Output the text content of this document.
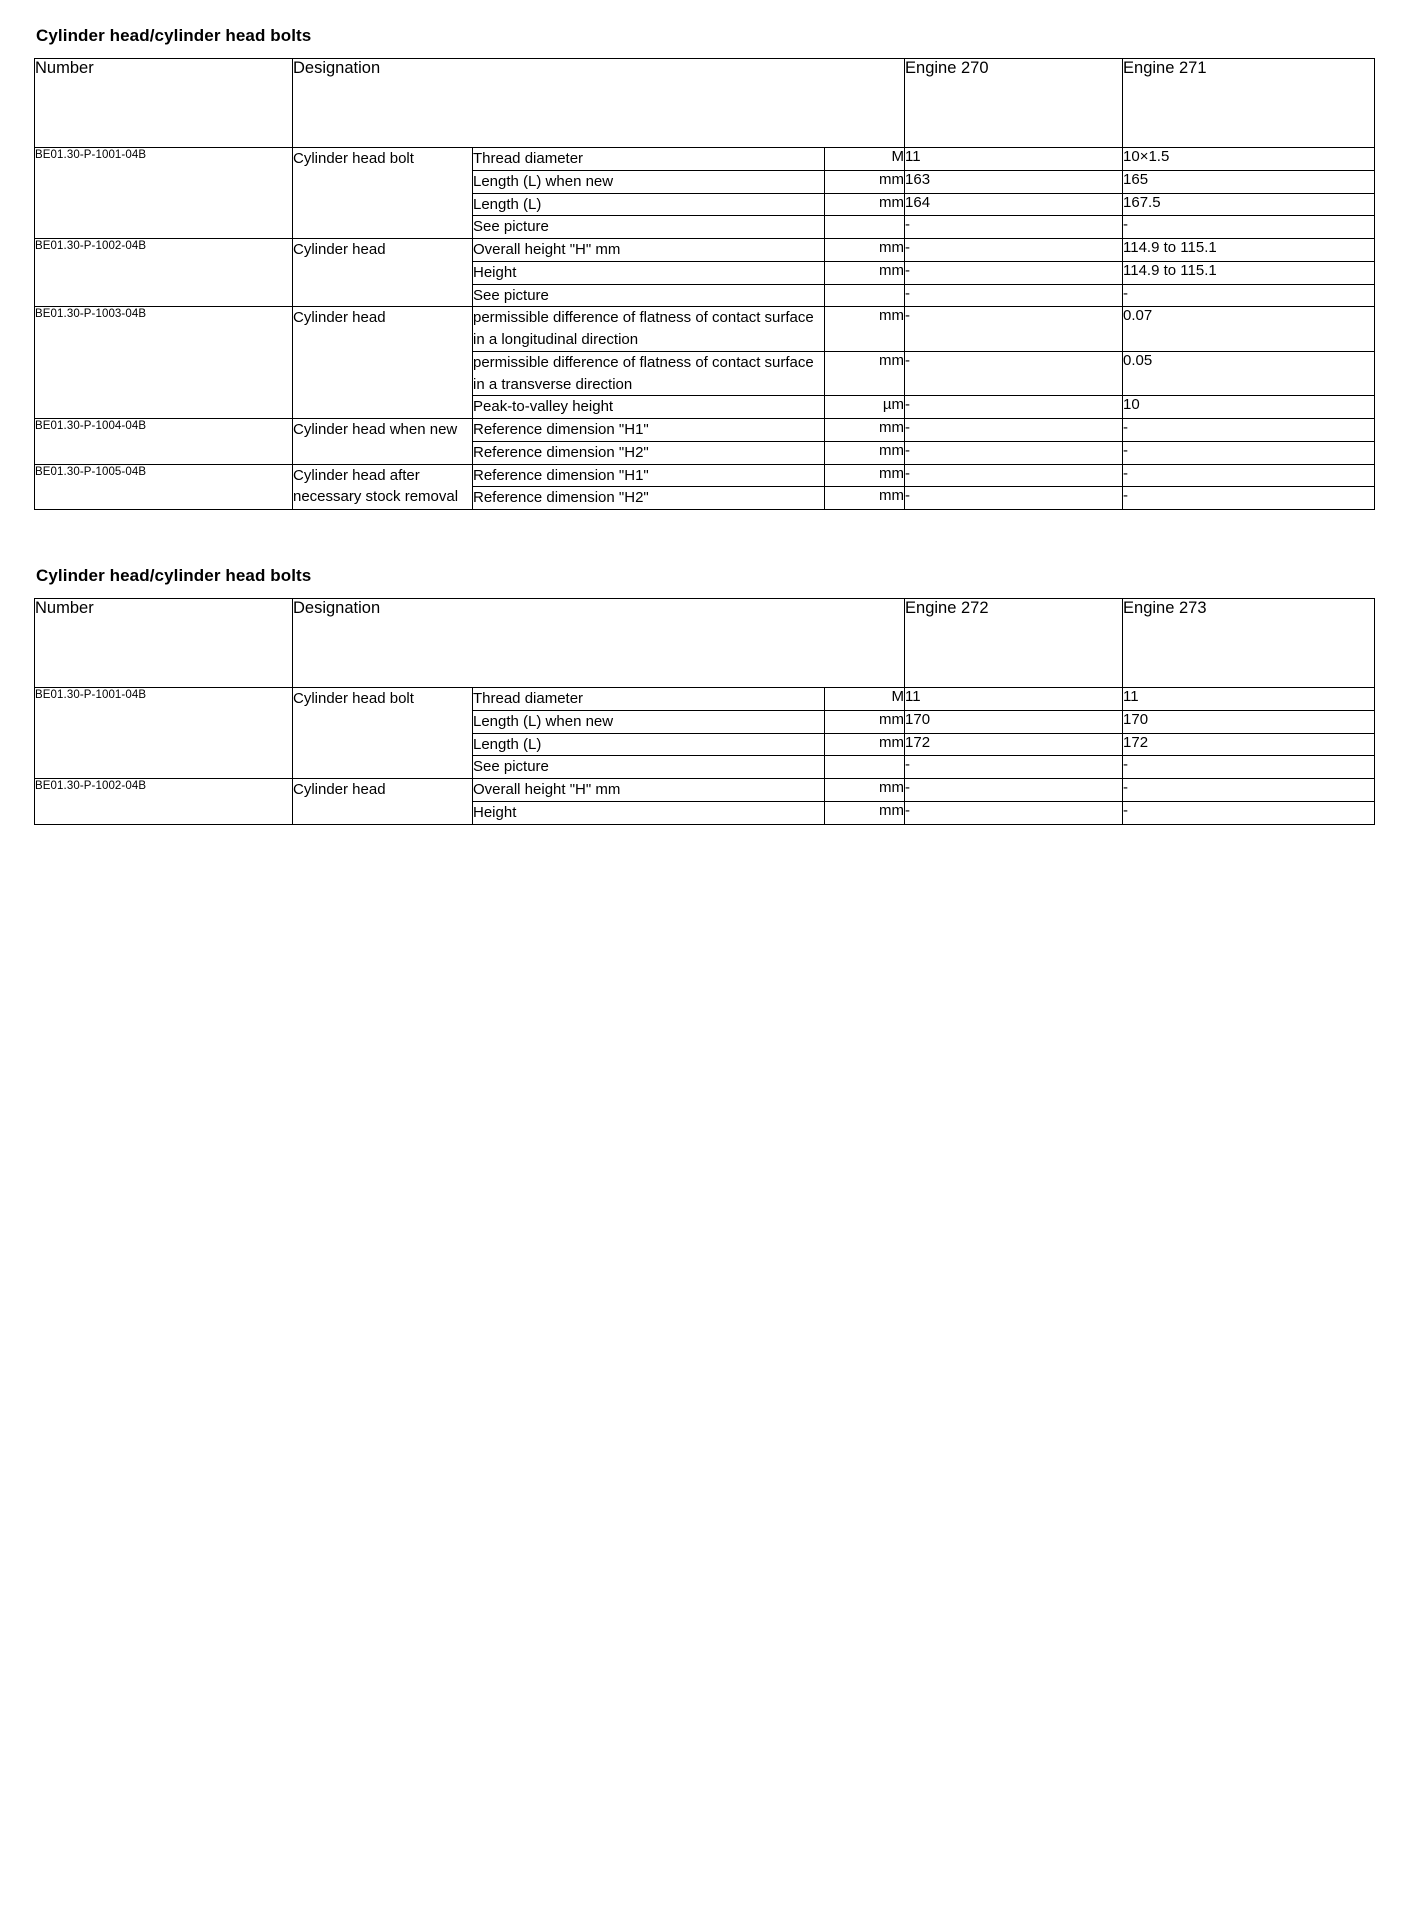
Cylinder head/cylinder head bolts
Number	Designation			Engine 270	Engine 271
BE01.30-P-1001-04B	Cylinder head bolt	Thread diameter	M	11	10×1.5
		Length (L) when new	mm	163	165
		Length (L)	mm	164	167.5
		See picture		-	-
BE01.30-P-1002-04B	Cylinder head	Overall height "H" mm	mm	-	114.9 to 115.1
		Height	mm	-	114.9 to 115.1
		See picture		-	-
BE01.30-P-1003-04B	Cylinder head	permissible difference of flatness of contact surface in a longitudinal direction	mm	-	0.07
		permissible difference of flatness of contact surface in a transverse direction	mm	-	0.05
		Peak-to-valley height	µm	-	10
BE01.30-P-1004-04B	Cylinder head when new	Reference dimension "H1"	mm	-	-
		Reference dimension "H2"	mm	-	-
BE01.30-P-1005-04B	Cylinder head after necessary stock removal	Reference dimension "H1"	mm	-	-
		Reference dimension "H2"	mm	-	-
Cylinder head/cylinder head bolts
Number	Designation			Engine 272	Engine 273
BE01.30-P-1001-04B	Cylinder head bolt	Thread diameter	M	11	11
		Length (L) when new	mm	170	170
		Length (L)	mm	172	172
		See picture		-	-
BE01.30-P-1002-04B	Cylinder head	Overall height "H" mm	mm	-	-
		Height	mm	-	-
